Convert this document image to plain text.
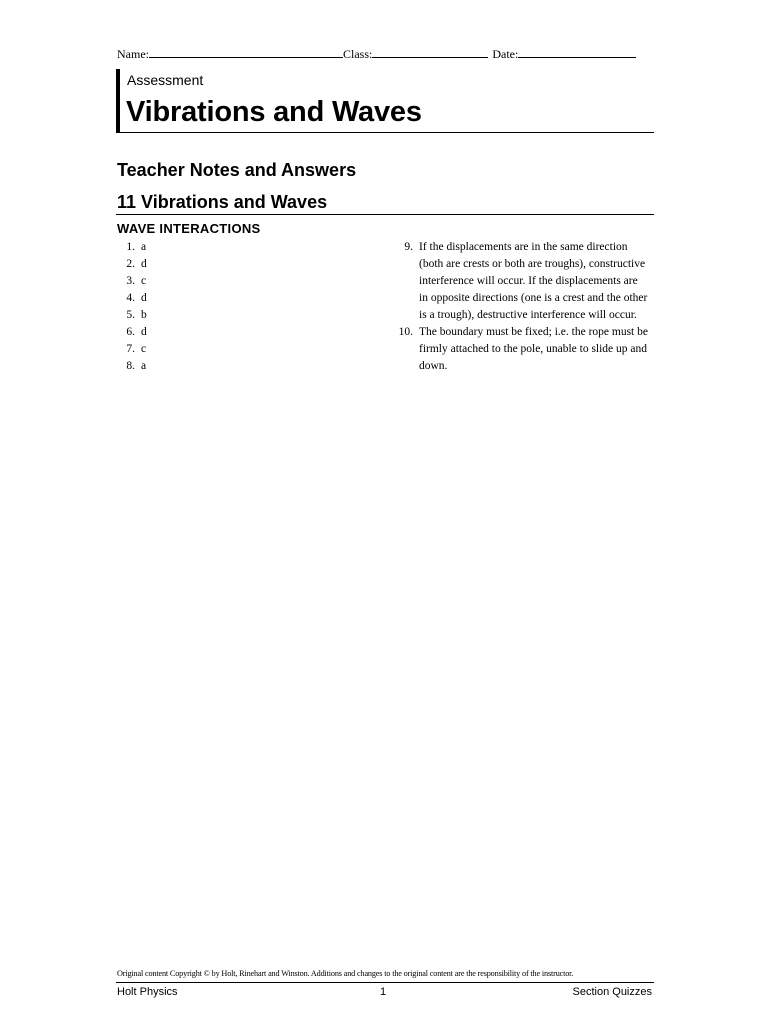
Name:	Class:	Date:
Assessment
Vibrations and Waves
Teacher Notes and Answers
11 Vibrations and Waves
WAVE INTERACTIONS
1. a
2. d
3. c
4. d
5. b
6. d
7. c
8. a
9. If the displacements are in the same direction (both are crests or both are troughs), constructive interference will occur. If the displacements are in opposite directions (one is a crest and the other is a trough), destructive interference will occur.
10. The boundary must be fixed; i.e. the rope must be firmly attached to the pole, unable to slide up and down.
Original content Copyright © by Holt, Rinehart and Winston. Additions and changes to the original content are the responsibility of the instructor.
Holt Physics	1	Section Quizzes
